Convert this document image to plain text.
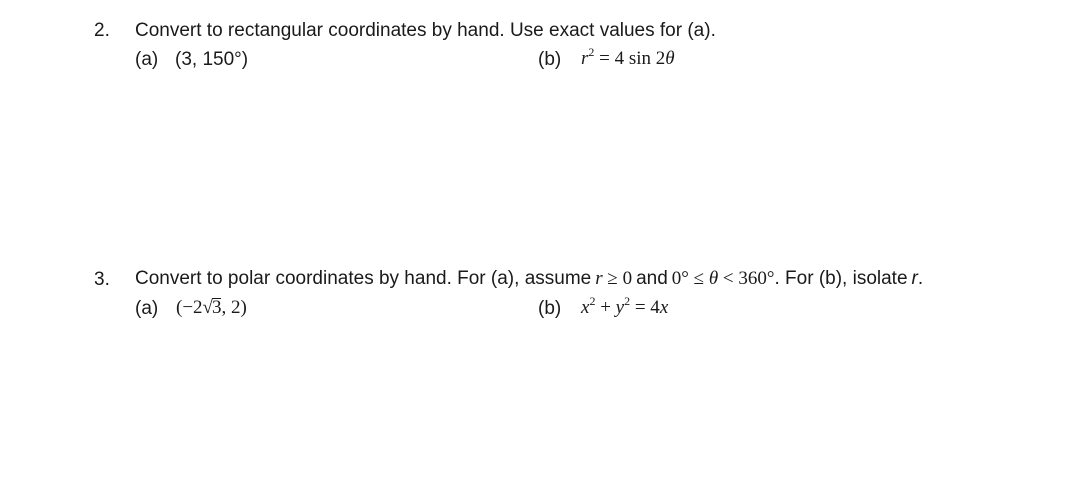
2. Convert to rectangular coordinates by hand. Use exact values for (a).
(a) (3, 150°)	(b) $r^2 = 4$ sin 2θ
3. Convert to polar coordinates by hand. For (a), assume r ≥ 0 and 0° ≤ θ < 360°. For (b), isolate r.
(a) (−2√3, 2)	(b) $x^2 + y^2 = 4x$
